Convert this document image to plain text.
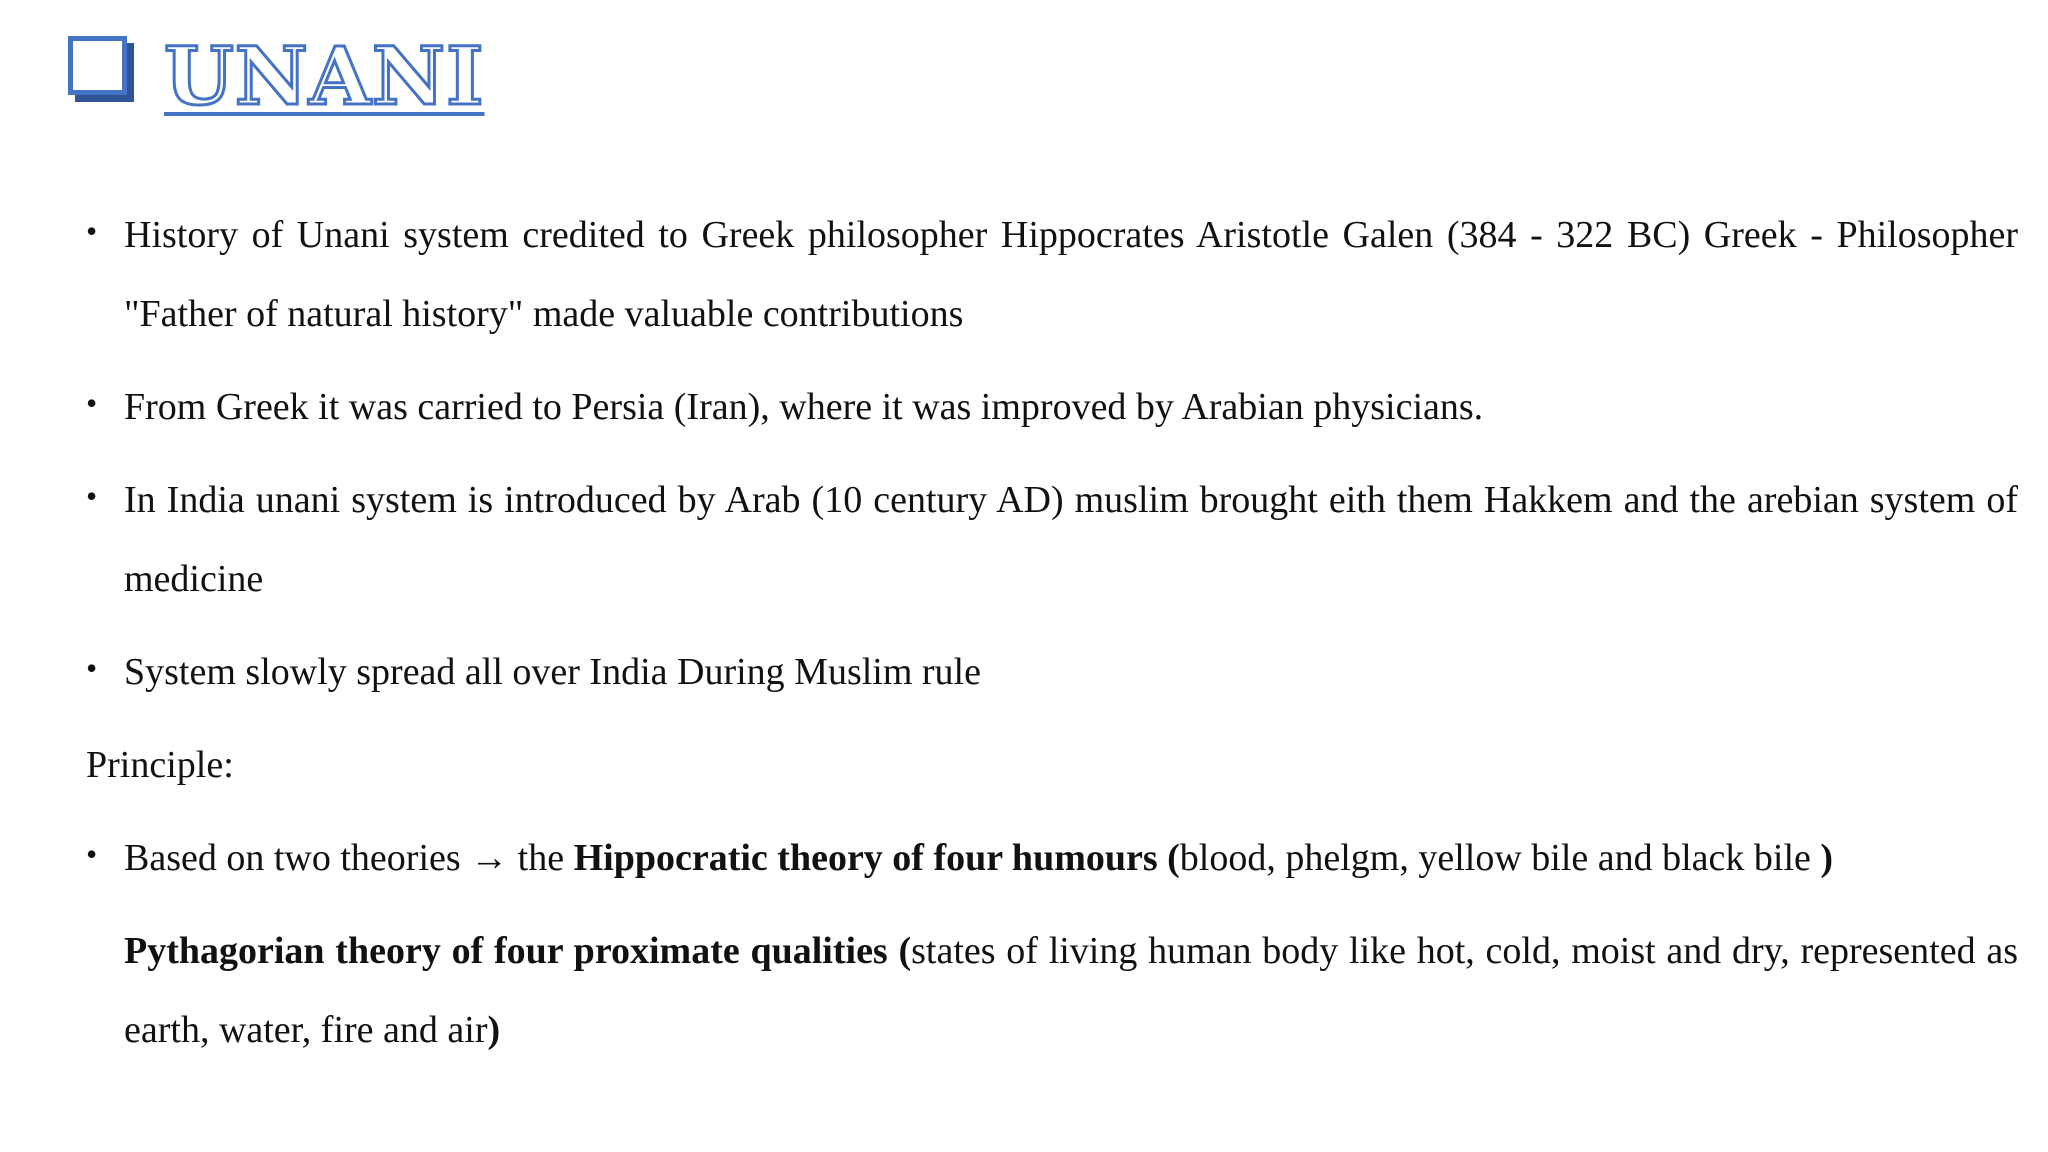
UNANI
• History of Unani system credited to Greek philosopher Hippocrates Aristotle Galen (384 - 322 BC) Greek - Philosopher "Father of natural history" made valuable contributions
• From Greek it was carried to Persia (Iran), where it was improved by Arabian physicians.
• In India unani system is introduced by Arab (10 century AD) muslim brought eith them Hakkem and the arebian system of medicine
• System slowly spread all over India During Muslim rule
Principle:
• Based on two theories → the Hippocratic theory of four humours (blood, phelgm, yellow bile and black bile )
Pythagorian theory of four proximate qualities (states of living human body like hot, cold, moist and dry, represented as earth, water, fire and air)
